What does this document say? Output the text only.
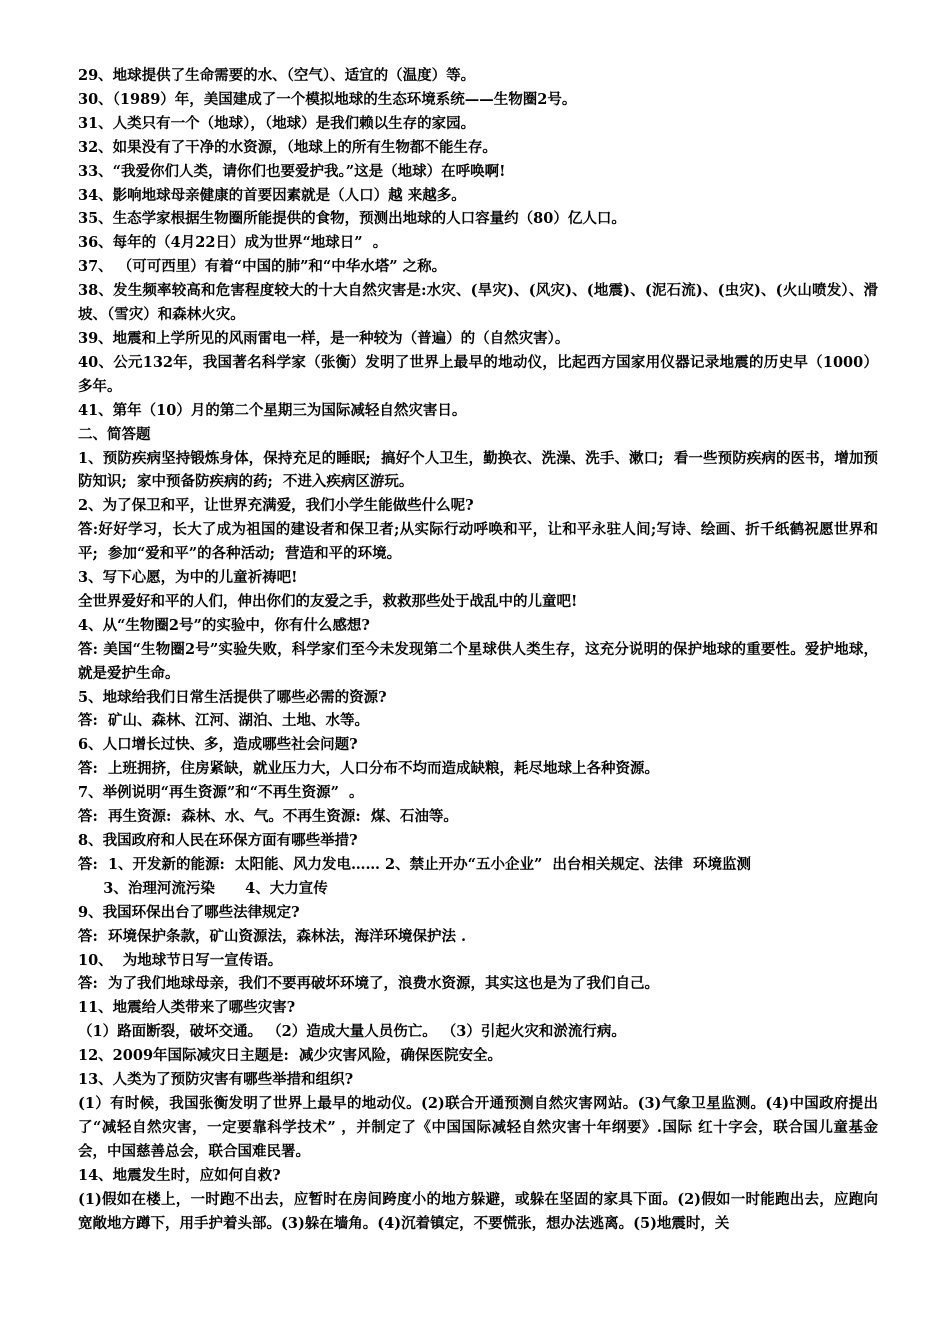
29、地球提供了生命需要的水、（空气）、适宜的（温度）等。

30、（1989）年，美国建成了一个模拟地球的生态环境系统——生物圈2号。

31、人类只有一个（地球），（地球）是我们赖以生存的家园。

32、如果没有了干净的水资源，（地球上的所有生物都不能生存。

33、“我爱你们人类，请你们也要爱护我。”这是（地球）在呼唤啊!

34、影响地球母亲健康的首要因素就是（人口）越 来越多。

35、生态学家根据生物圈所能提供的食物，预测出地球的人口容量约（80）亿人口。

36、每年的（4月22日）成为世界“地球日”  。

37、 （可可西里）有着“中国的肺”和“中华水塔” 之称。

38、发生频率较高和危害程度较大的十大自然灾害是:水灾、(旱灾)、(风灾)、(地震)、(泥石流)、(虫灾)、(火山喷发）、滑坡、（雪灾）和森林火灾。

39、地震和上学所见的风雨雷电一样，是一种较为（普遍）的（自然灾害）。

40、公元132年，我国著名科学家（张衡）发明了世界上最早的地动仪，比起西方国家用仪器记录地震的历史早（1000）多年。

41、第年（10）月的第二个星期三为国际减轻自然灾害日。

二、简答题

1、预防疾病坚持锻炼身体，保持充足的睡眠;  搞好个人卫生，勤换衣、洗澡、洗手、漱口;  看一些预防疾病的医书，增加预防知识;  家中预备防疾病的药;  不进入疾病区游玩。

2、为了保卫和平，让世界充满爱，我们小学生能做些什么呢?

答:好好学习，长大了成为祖国的建设者和保卫者;从实际行动呼唤和平，让和平永驻人间;写诗、绘画、折千纸鹤祝愿世界和平;  参加“爱和平”的各种活动;  营造和平的环境。

3、写下心愿，为中的儿童祈祷吧!

全世界爱好和平的人们，伸出你们的友爱之手，救救那些处于战乱中的儿童吧!

4、从“生物圈2号”的实验中，你有什么感想?

答: 美国“生物圈2号”实验失败，科学家们至今未发现第二个星球供人类生存，这充分说明的保护地球的重要性。爱护地球，就是爱护生命。

5、地球给我们日常生活提供了哪些必需的资源?

答:  矿山、森林、江河、湖泊、土地、水等。

6、人口增长过快、多，造成哪些社会问题?

答:  上班拥挤，住房紧缺，就业压力大，人口分布不均而造成缺粮，耗尽地球上各种资源。

7、举例说明“再生资源”和“不再生资源”  。

答:  再生资源:  森林、水、气。不再生资源:  煤、石油等。

8、我国政府和人民在环保方面有哪些举措?

答:  1、开发新的能源:  太阳能、风力发电…… 2、禁止开办“五小企业”  出台相关规定、法律  环境监测

3、治理河流污染      4、大力宣传

9、我国环保出台了哪些法律规定?

答:  环境保护条款，矿山资源法，森林法，海洋环境保护法 .

10、  为地球节日写一宣传语。

答:  为了我们地球母亲，我们不要再破坏环境了，浪费水资源，其实这也是为了我们自己。

11、地震给人类带来了哪些灾害?

（1）路面断裂，破坏交通。 （2）造成大量人员伤亡。 （3）引起火灾和淤流行病。

12、2009年国际减灾日主题是:  减少灾害风险，确保医院安全。

13、人类为了预防灾害有哪些举措和组织?

(1）有时候，我国张衡发明了世界上最早的地动仪。(2)联合开通预测自然灾害网站。(3)气象卫星监测。(4)中国政府提出了“减轻自然灾害，一定要靠科学技术” ，并制定了《中国国际减轻自然灾害十年纲要》.国际 红十字会，联合国儿童基金会，中国慈善总会，联合国难民署。

14、地震发生时，应如何自救?

(1)假如在楼上，一时跑不出去，应暂时在房间跨度小的地方躲避，或躲在坚固的家具下面。(2)假如一时能跑出去，应跑向宽敞地方蹲下，用手护着头部。(3)躲在墙角。(4)沉着镇定，不要慌张，想办法逃离。(5)地震时，关
